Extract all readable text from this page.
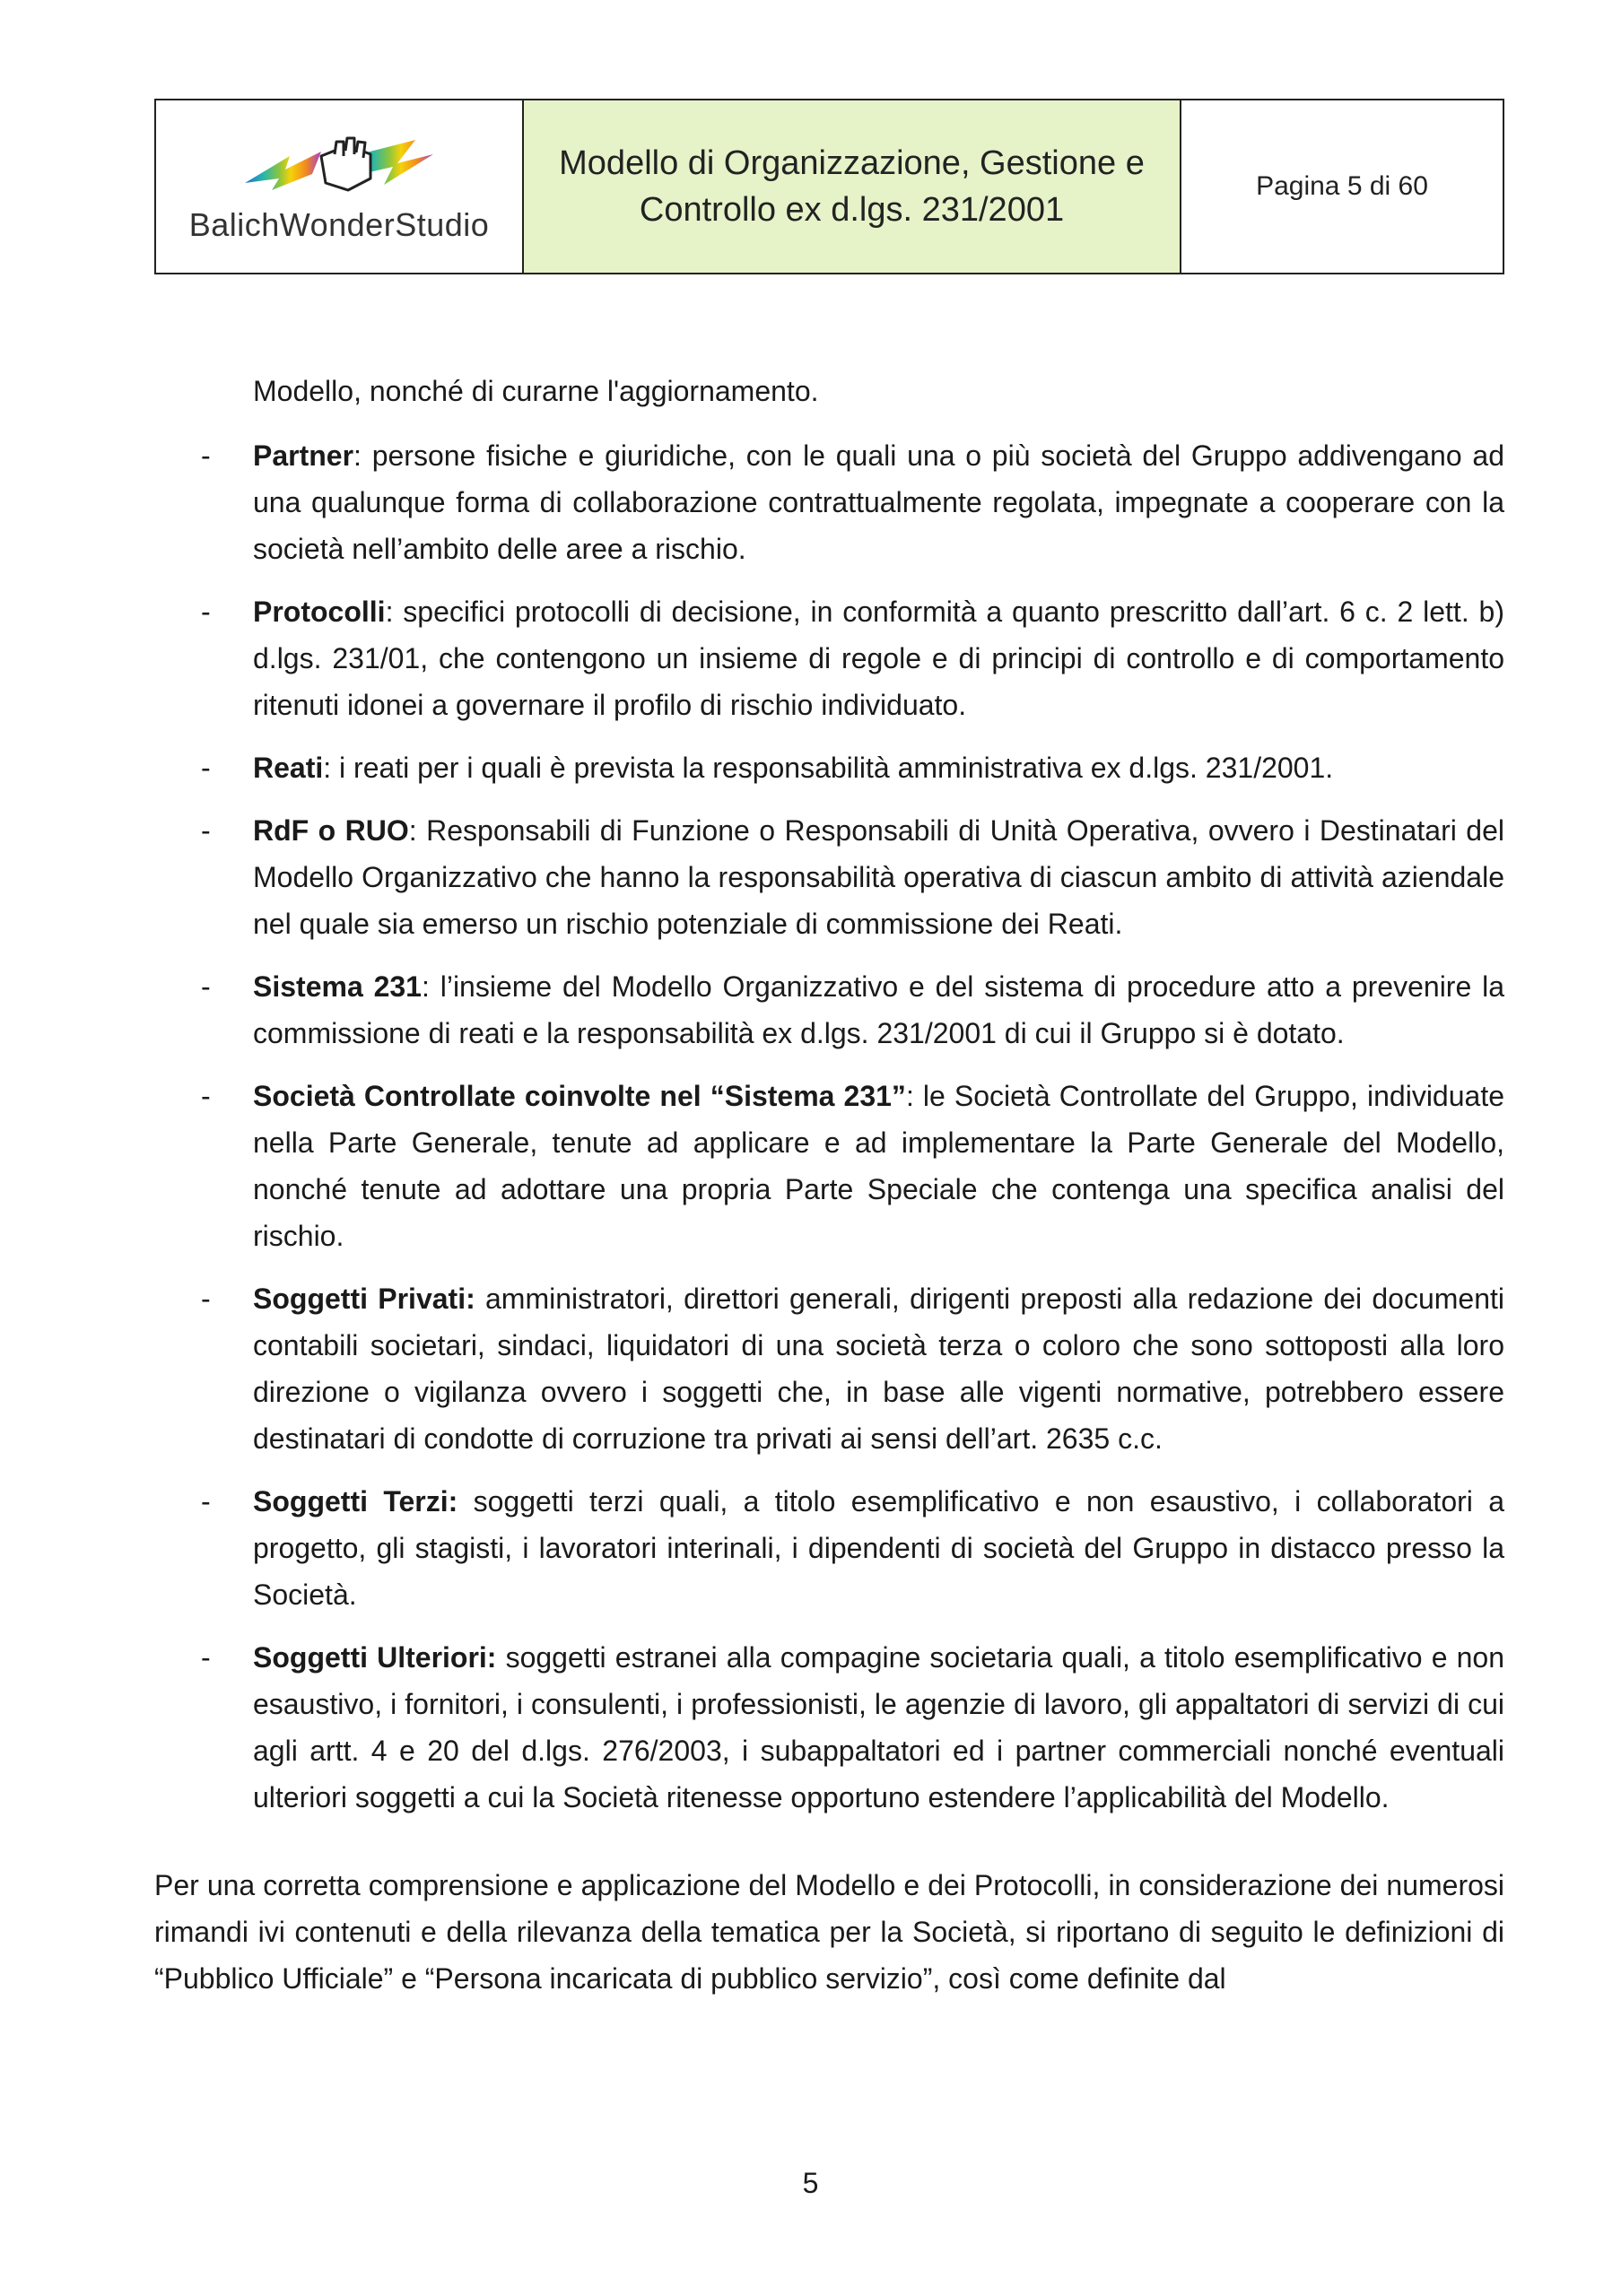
BalichWonderStudio
Modello di Organizzazione, Gestione e Controllo ex d.lgs. 231/2001
Pagina 5 di 60
Modello, nonché di curarne l'aggiornamento.
- Partner: persone fisiche e giuridiche, con le quali una o più società del Gruppo addivengano ad una qualunque forma di collaborazione contrattualmente regolata, impegnate a cooperare con la società nell’ambito delle aree a rischio.
- Protocolli: specifici protocolli di decisione, in conformità a quanto prescritto dall’art. 6 c. 2 lett. b) d.lgs. 231/01, che contengono un insieme di regole e di principi di controllo e di comportamento ritenuti idonei a governare il profilo di rischio individuato.
- Reati: i reati per i quali è prevista la responsabilità amministrativa ex d.lgs. 231/2001.
- RdF o RUO: Responsabili di Funzione o Responsabili di Unità Operativa, ovvero i Destinatari del Modello Organizzativo che hanno la responsabilità operativa di ciascun ambito di attività aziendale nel quale sia emerso un rischio potenziale di commissione dei Reati.
- Sistema 231: l’insieme del Modello Organizzativo e del sistema di procedure atto a prevenire la commissione di reati e la responsabilità ex d.lgs. 231/2001 di cui il Gruppo si è dotato.
- Società Controllate coinvolte nel “Sistema 231”: le Società Controllate del Gruppo, individuate nella Parte Generale, tenute ad applicare e ad implementare la Parte Generale del Modello, nonché tenute ad adottare una propria Parte Speciale che contenga una specifica analisi del rischio.
- Soggetti Privati: amministratori, direttori generali, dirigenti preposti alla redazione dei documenti contabili societari, sindaci, liquidatori di una società terza o coloro che sono sottoposti alla loro direzione o vigilanza ovvero i soggetti che, in base alle vigenti normative, potrebbero essere destinatari di condotte di corruzione tra privati ai sensi dell’art. 2635 c.c.
- Soggetti Terzi: soggetti terzi quali, a titolo esemplificativo e non esaustivo, i collaboratori a progetto, gli stagisti, i lavoratori interinali, i dipendenti di società del Gruppo in distacco presso la Società.
- Soggetti Ulteriori: soggetti estranei alla compagine societaria quali, a titolo esemplificativo e non esaustivo, i fornitori, i consulenti, i professionisti, le agenzie di lavoro, gli appaltatori di servizi di cui agli artt. 4 e 20 del d.lgs. 276/2003, i subappaltatori ed i partner commerciali nonché eventuali ulteriori soggetti a cui la Società ritenesse opportuno estendere l’applicabilità del Modello.
Per una corretta comprensione e applicazione del Modello e dei Protocolli, in considerazione dei numerosi rimandi ivi contenuti e della rilevanza della tematica per la Società, si riportano di seguito le definizioni di “Pubblico Ufficiale” e “Persona incaricata di pubblico servizio”, così come definite dal
5
